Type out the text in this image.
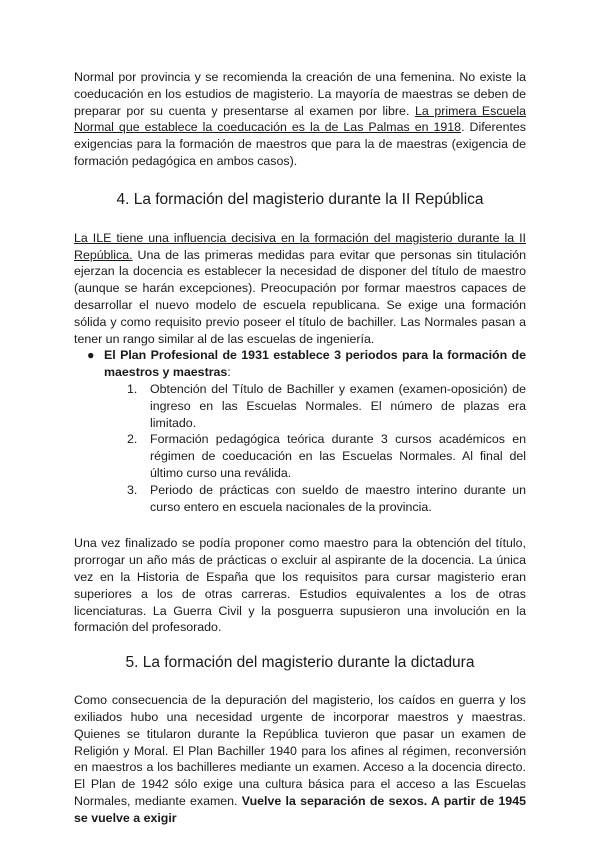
Normal por provincia y se recomienda la creación de una femenina. No existe la coeducación en los estudios de magisterio. La mayoría de maestras se deben de preparar por su cuenta y presentarse al examen por libre. La primera Escuela Normal que establece la coeducación es la de Las Palmas en 1918. Diferentes exigencias para la formación de maestros que para la de maestras (exigencia de formación pedagógica en ambos casos).

4. La formación del magisterio durante la II República

La ILE tiene una influencia decisiva en la formación del magisterio durante la II República. Una de las primeras medidas para evitar que personas sin titulación ejerzan la docencia es establecer la necesidad de disponer del título de maestro (aunque se harán excepciones). Preocupación por formar maestros capaces de desarrollar el nuevo modelo de escuela republicana. Se exige una formación sólida y como requisito previo poseer el título de bachiller. Las Normales pasan a tener un rango similar al de las escuelas de ingeniería.

● El Plan Profesional de 1931 establece 3 periodos para la formación de maestros y maestras:
1. Obtención del Título de Bachiller y examen (examen-oposición) de ingreso en las Escuelas Normales. El número de plazas era limitado.
2. Formación pedagógica teórica durante 3 cursos académicos en régimen de coeducación en las Escuelas Normales. Al final del último curso una reválida.
3. Periodo de prácticas con sueldo de maestro interino durante un curso entero en escuela nacionales de la provincia.

Una vez finalizado se podía proponer como maestro para la obtención del título, prorrogar un año más de prácticas o excluir al aspirante de la docencia. La única vez en la Historia de España que los requisitos para cursar magisterio eran superiores a los de otras carreras. Estudios equivalentes a los de otras licenciaturas. La Guerra Civil y la posguerra supusieron una involución en la formación del profesorado.

5. La formación del magisterio durante la dictadura

Como consecuencia de la depuración del magisterio, los caídos en guerra y los exiliados hubo una necesidad urgente de incorporar maestros y maestras. Quienes se titularon durante la República tuvieron que pasar un examen de Religión y Moral. El Plan Bachiller 1940 para los afines al régimen, reconversión en maestros a los bachilleres mediante un examen. Acceso a la docencia directo. El Plan de 1942 sólo exige una cultura básica para el acceso a las Escuelas Normales, mediante examen. Vuelve la separación de sexos. A partir de 1945 se vuelve a exigir
